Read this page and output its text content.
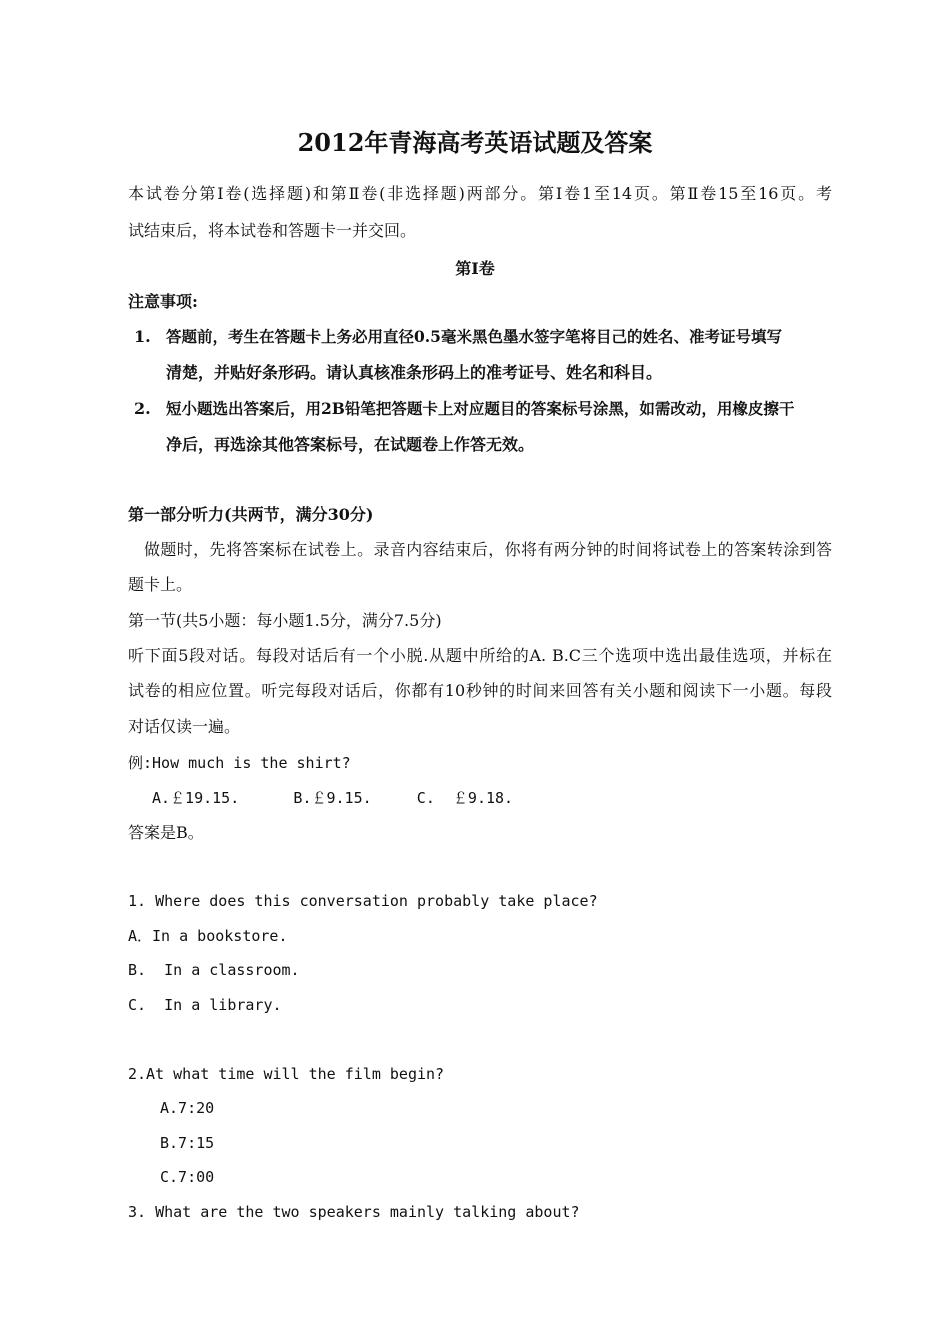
2012年青海高考英语试题及答案
本试卷分第Ⅰ卷(选择题)和第Ⅱ卷(非选择题)两部分。第Ⅰ卷1至14页。第Ⅱ卷15至16页。考
试结束后，将本试卷和答题卡一并交回。
第Ⅰ卷
注意事项:
1. 答题前，考生在答题卡上务必用直径0.5毫米黑色墨水签字笔将目己的姓名、准考证号填写
清楚，并贴好条形码。请认真核准条形码上的准考证号、姓名和科目。
2. 短小题选出答案后，用2B铅笔把答题卡上对应题目的答案标号涂黑，如需改动，用橡皮擦干
净后，再选涂其他答案标号，在试题卷上作答无效。
第一部分听力(共两节，满分30分)
做题时，先将答案标在试卷上。录音内容结束后，你将有两分钟的时间将试卷上的答案转涂到答
题卡上。
第一节(共5小题：每小题1.5分，满分7.5分)
听下面5段对话。每段对话后有一个小脱.从题中所给的A. B.C三个选项中选出最佳选项，并标在
试卷的相应位置。听完每段对话后，你都有10秒钟的时间来回答有关小题和阅读下一小题。每段
对话仅读一遍。
例:How much is the shirt?
A.￡19.15.      B.￡9.15.     C.  ￡9.18.
答案是B。
1. Where does this conversation probably take place?
A．In a bookstore.
B.  In a classroom.
C.  In a library.
2.At what time will the film begin?
A.7:20
B.7:15
C.7:00
3. What are the two speakers mainly talking about?
